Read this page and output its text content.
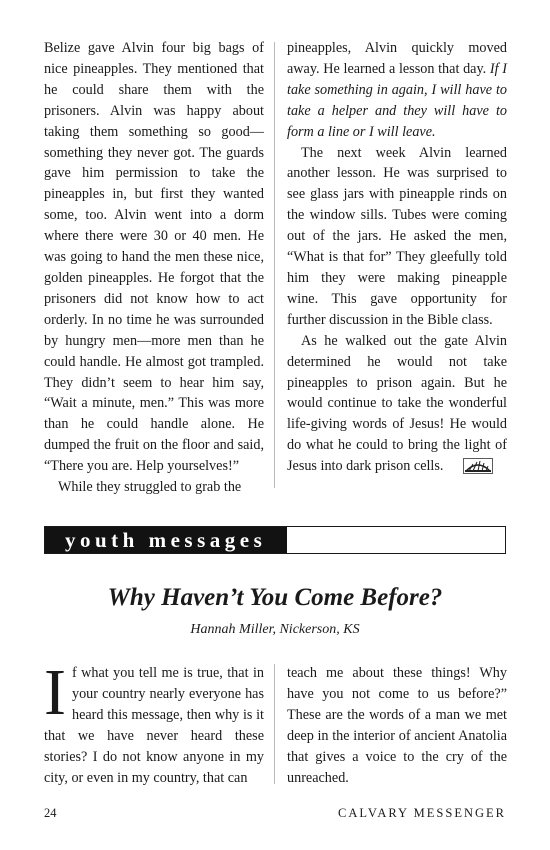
Belize gave Alvin four big bags of nice pineapples. They mentioned that he could share them with the prisoners. Alvin was happy about taking them something so good—something they never got. The guards gave him permission to take the pineapples in, but first they wanted some, too. Alvin went into a dorm where there were 30 or 40 men. He was going to hand the men these nice, golden pineapples. He forgot that the prisoners did not know how to act orderly. In no time he was surrounded by hungry men—more men than he could handle. He almost got trampled. They didn’t seem to hear him say, “Wait a minute, men.” This was more than he could handle alone. He dumped the fruit on the floor and said, “There you are. Help yourselves!”

While they struggled to grab the

pineapples, Alvin quickly moved away. He learned a lesson that day. If I take something in again, I will have to take a helper and they will have to form a line or I will leave.

The next week Alvin learned another lesson. He was surprised to see glass jars with pineapple rinds on the window sills. Tubes were coming out of the jars. He asked the men, “What is that for” They gleefully told him they were making pineapple wine. This gave opportunity for further discussion in the Bible class.

As he walked out the gate Alvin determined he would not take pineapples to prison again. But he would continue to take the wonderful life-giving words of Jesus! He would do what he could to bring the light of Jesus into dark prison cells.

youth messages
Why Haven’t You Come Before?
Hannah Miller, Nickerson, KS

If what you tell me is true, that in your country nearly everyone has heard this message, then why is it that we have never heard these stories? I do not know anyone in my city, or even in my country, that can

teach me about these things! Why have you not come to us before?” These are the words of a man we met deep in the interior of ancient Anatolia that gives a voice to the cry of the unreached.

24	CALVARY MESSENGER
